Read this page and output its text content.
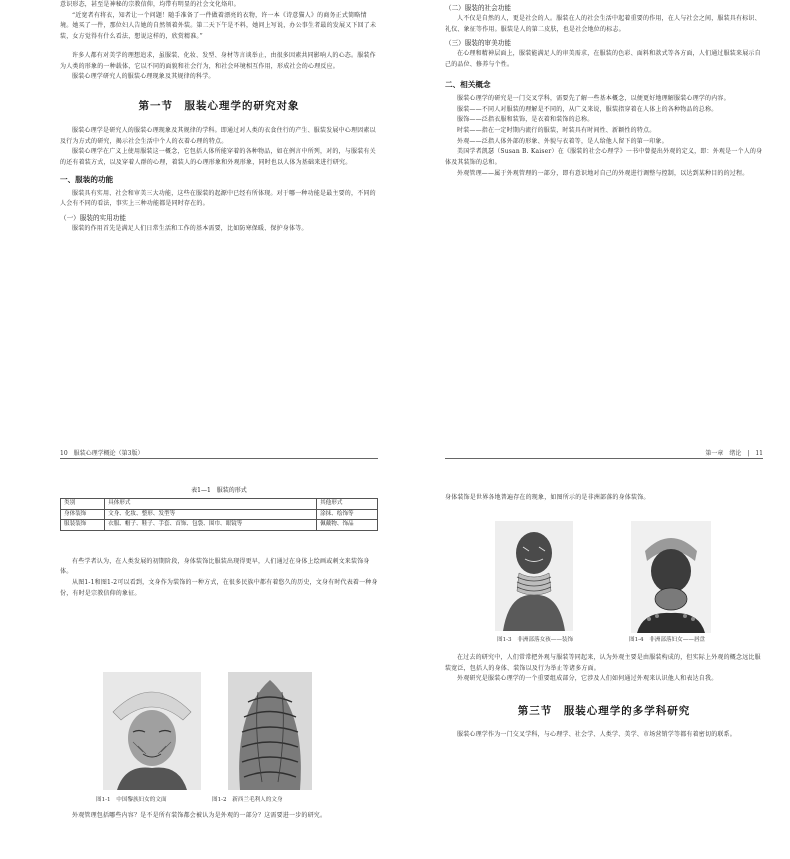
意识形态，甚至是神秘的宗教信仰，均带有明显的社会文化烙印。

“近宽者有将衣，知者让一个问题！随手准备了一件做着漂亮的衣物，许一本《诗意猫人》的商务正式简略情境。她买了一件，那位妇人告她的自然领着外装。第二天下午是不料，她问上写说，办公事生者最的发展又下回了未装，女方觉得有什么看法，想说这样的，欣赏精准。”

许多人都有对美学的理想追求，虽服装、化妆、发型、身材等言谈举止，由很多因素共同影响人的心态。服装作为人类的形象的一种载体，它以不同的面貌和社会行为，和社会环境相互作用，形成社会的心理反应。

服装心理学研究人的服装心理现象及其规律的科学。

第一节　服装心理学的研究对象

服装心理学是研究人的服装心理现象及其规律的学科。即通过对人类的衣食住行的产生、服装发展中心理因素以及行为方式的研究，揭示社会生活中个人的衣着心理的特点。

服装心理学在广义上使用服装这一概念，它包括人体所能穿着的各种物品，如在例言中所列，对的，与服装有关的还有着装方式，以及穿着人群的心理，着装人的心理形象和外观形象，同时也以人体为基础来进行研究。

一、服装的功能

服装具有实用、社会和审美三大功能，这些在服装的起源中已经有所体现。对于哪一种功能是最主要的，不同的人会有不同的看法，事实上三种功能都是同时存在的。

（一）服装的实用功能

服装的作用首先是满足人们日常生活和工作的基本需要，比如防寒保暖、保护身体等。

（二）服装的社会功能

人不仅是自然的人，更是社会的人。服装在人的社会生活中起着重要的作用，在人与社会之间，服装具有标识、礼仪、象征等作用。服装是人的第二皮肤，也是社会地位的标志。

（三）服装的审美功能

在心理和精神层面上，服装能满足人的审美需求，在服装的色彩、面料和款式等各方面，人们通过服装来展示自己的品位、修养与个性。

二、相关概念

服装心理学的研究是一门交叉学科，需要先了解一些基本概念，以便更好地理解服装心理学的内容。

服装——不同人对服装的理解是不同的，从广义来说，服装指穿着在人体上的各种物品的总称。

服饰——泛指衣服和装饰，是衣着和装饰的总称。

时装——指在一定时期内流行的服装，时装具有时间性、新颖性的特点。

外观——泛指人体外部的形象、外貌与衣着等，是人给他人留下的第一印象。

美国学者凯瑟（Susan B. Kaiser）在《服装的社会心理学》一书中曾提出外观的定义，即：外观是一个人的身体及其装饰的总和。

外观管理——属于外观管理的一部分，即有意识地对自己的外观进行调整与控制，以达到某种目的的过程。

10　服装心理学概论（第3版）	第一章　绪论　|　11
表1—1　服装的形式
类别	具体形式	其他形式
身体装饰	文身、化妆、整形、发型等	涂抹、绘饰等
服装装饰	衣服、帽子、鞋子、手套、首饰、包袋、围巾、眼镜等	佩戴物、饰品

有些学者认为，在人类发展的初期阶段，身体装饰比服装出现得更早，人们通过在身体上绘画或刺文来装饰身体。

从图1-1和图1-2可以看到，文身作为装饰的一种方式，在很多民族中都有着悠久的历史，文身有时代表着一种身份，有时是宗教信仰的象征。

图1-1　中国黎族妇女的文面	图1-2　新西兰毛利人的文身

外观管理包括哪些内容？是不是所有装饰都会被认为是外观的一部分？这需要进一步的研究。

身体装饰是世界各地普遍存在的现象，如图所示的是非洲部落的身体装饰。

图1-3　非洲部落女孩——装饰	图1-4　非洲部落妇女——唇盘

在过去的研究中，人们常常把外观与服装等同起来，认为外观主要是由服装构成的，但实际上外观的概念远比服装宽泛，包括人的身体、装饰以及行为举止等诸多方面。

外观研究是服装心理学的一个重要组成部分，它涉及人们如何通过外观来认识他人和表达自我。

第三节　服装心理学的多学科研究

服装心理学作为一门交叉学科，与心理学、社会学、人类学、美学、市场营销学等都有着密切的联系。
